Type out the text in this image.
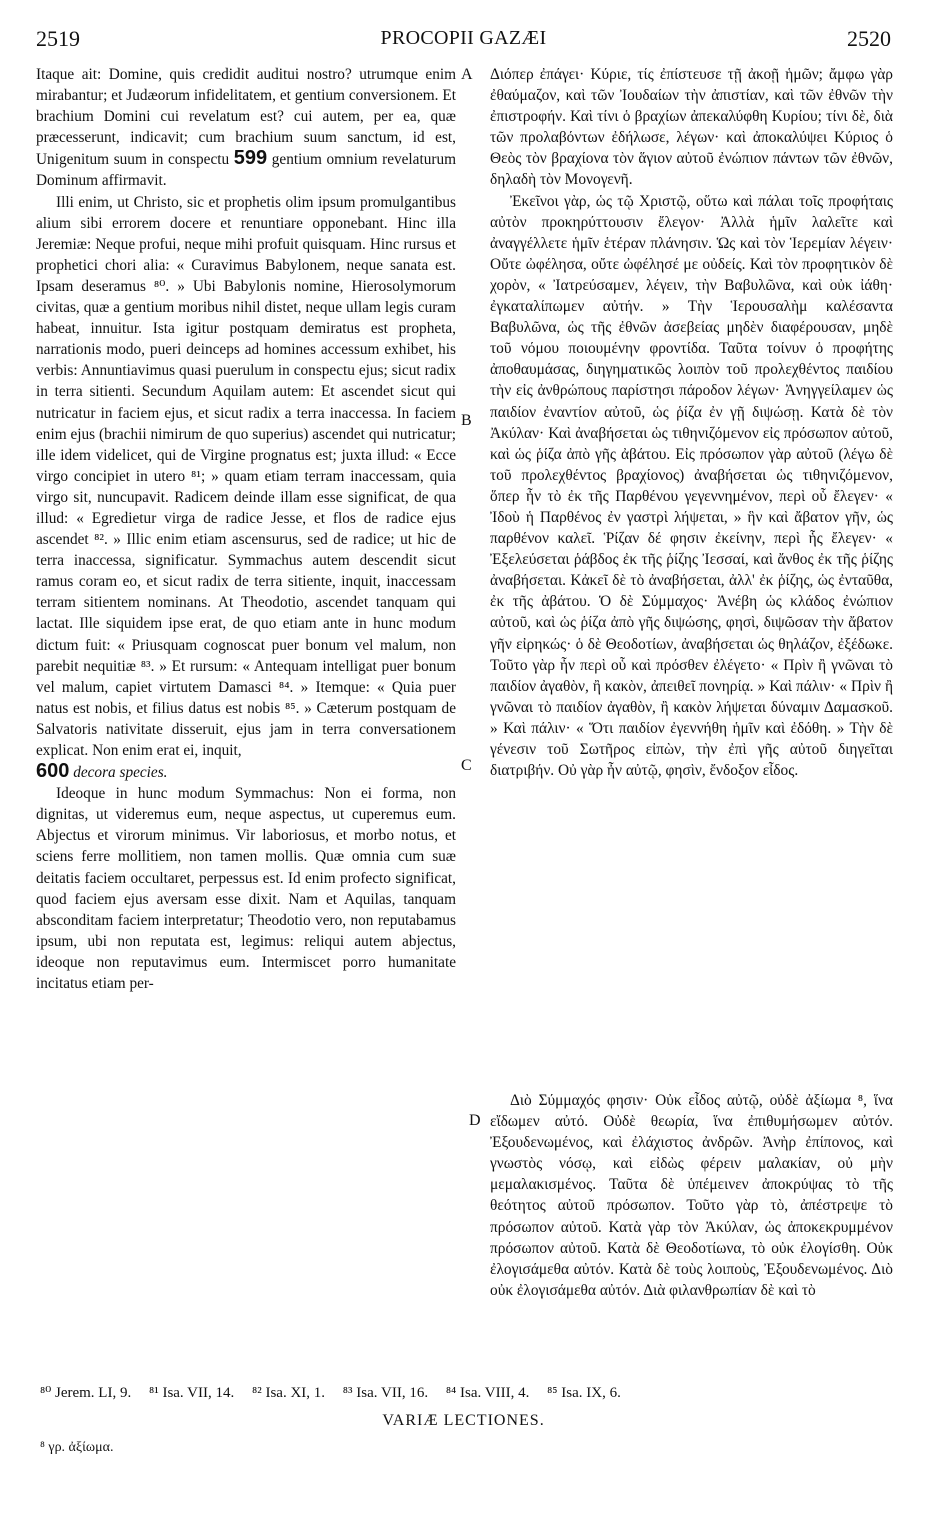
2519	PROCOPII GAZÆI	2520

Itaque ait: Domine, quis credidit auditui nostro? utrumque enim mirabantur; et Judæorum infidelitatem, et gentium conversionem. Et brachium Domini cui revelatum est? cui autem, per ea, quæ præcesserunt, indicavit; cum brachium suum sanctum, id est, Unigenitum suum in conspectu 599 gentium omnium revelaturum Dominum affirmavit.

Illi enim, ut Christo, sic et prophetis olim ipsum promulgantibus alium sibi errorem docere et renuntiare opponebant. Hinc illa Jeremiæ: Neque profui, neque mihi profuit quisquam. Hinc rursus et prophetici chori alia: « Curavimus Babylonem, neque sanata est. Ipsam deseramus ⁸⁰. » Ubi Babylonis nomine, Hierosolymorum civitas, quæ a gentium moribus nihil distet, neque ullam legis curam habeat, innuitur. Ista igitur postquam demiratus est propheta, narrationis modo, pueri deinceps ad homines accessum exhibet, his verbis: Annuntiavimus quasi puerulum in conspectu ejus; sicut radix in terra sitienti. Secundum Aquilam autem: Et ascendet sicut qui nutricatur in faciem ejus, et sicut radix a terra inaccessa. In faciem enim ejus (brachii nimirum de quo superius) ascendet qui nutricatur; ille idem videlicet, qui de Virgine prognatus est; juxta illud: « Ecce virgo concipiet in utero ⁸¹; » quam etiam terram inaccessam, quia virgo sit, nuncupavit. Radicem deinde illam esse significat, de qua illud: « Egredietur virga de radice Jesse, et flos de radice ejus ascendet ⁸². » Illic enim etiam ascensurus, sed de radice; ut hic de terra inaccessa, significatur. Symmachus autem descendit sicut ramus coram eo, et sicut radix de terra sitiente, inquit, inaccessam terram sitientem nominans. At Theodotio, ascendet tanquam qui lactat. Ille siquidem ipse erat, de quo etiam ante in hunc modum dictum fuit: « Priusquam cognoscat puer bonum vel malum, non parebit nequitiæ ⁸³. » Et rursum: « Antequam intelligat puer bonum vel malum, capiet virtutem Damasci ⁸⁴. » Itemque: « Quia puer natus est nobis, et filius datus est nobis ⁸⁵. » Cæterum postquam de Salvatoris nativitate disseruit, ejus jam in terra conversationem explicat. Non enim erat ei, inquit,
600 decora species.

Ideoque in hunc modum Symmachus: Non ei forma, non dignitas, ut videremus eum, neque aspectus, ut cuperemus eum. Abjectus et virorum minimus. Vir laboriosus, et morbo notus, et sciens ferre mollitiem, non tamen mollis. Quæ omnia cum suæ deitatis faciem occultaret, perpessus est. Id enim profecto significat, quod faciem ejus aversam esse dixit. Nam et Aquilas, tanquam absconditam faciem interpretatur; Theodotio vero, non reputabamus ipsum, ubi non reputata est, legimus: reliqui autem abjectus, ideoque non reputavimus eum. Intermiscet porro humanitate incitatus etiam per-

A
B
C
D

Διόπερ ἐπάγει· Κύριε, τίς ἐπίστευσε τῇ ἀκοῇ ἡμῶν; ἄμφω γὰρ ἐθαύμαζον, καὶ τῶν Ἰουδαίων τὴν ἀπιστίαν, καὶ τῶν ἐθνῶν τὴν ἐπιστροφήν. Καὶ τίνι ὁ βραχίων ἀπεκαλύφθη Κυρίου; τίνι δὲ, διὰ τῶν προλαβόντων ἐδήλωσε, λέγων· καὶ ἀποκαλύψει Κύριος ὁ Θεὸς τὸν βραχίονα τὸν ἅγιον αὐτοῦ ἐνώπιον πάντων τῶν ἐθνῶν, δηλαδὴ τὸν Μονογενῆ.

Ἐκεῖνοι γὰρ, ὡς τῷ Χριστῷ, οὕτω καὶ πάλαι τοῖς προφήταις αὐτὸν προκηρύττουσιν ἔλεγον· Ἀλλὰ ἡμῖν λαλεῖτε καὶ ἀναγγέλλετε ἡμῖν ἑτέραν πλάνησιν. Ὡς καὶ τὸν Ἱερεμίαν λέγειν· Οὔτε ὠφέλησα, οὔτε ὠφέλησέ με οὐδείς. Καὶ τὸν προφητικὸν δὲ χορὸν, « Ἰατρεύσαμεν, λέγειν, τὴν Βαβυλῶνα, καὶ οὐκ ἰάθη· ἐγκαταλίπωμεν αὐτήν. » Τὴν Ἱερουσαλὴμ καλέσαντα Βαβυλῶνα, ὡς τῆς ἐθνῶν ἀσεβείας μηδὲν διαφέρουσαν, μηδὲ τοῦ νόμου ποιουμένην φροντίδα. Ταῦτα τοίνυν ὁ προφήτης ἀποθαυμάσας, διηγηματικῶς λοιπὸν τοῦ προλεχθέντος παιδίου τὴν εἰς ἀνθρώπους παρίστησι πάροδον λέγων· Ἀνηγγείλαμεν ὡς παιδίον ἐναντίον αὐτοῦ, ὡς ῥίζα ἐν γῇ διψώσῃ. Κατὰ δὲ τὸν Ἀκύλαν· Καὶ ἀναβήσεται ὡς τιθηνιζόμενον εἰς πρόσωπον αὐτοῦ, καὶ ὡς ῥίζα ἀπὸ γῆς ἀβάτου. Εἰς πρόσωπον γὰρ αὐτοῦ (λέγω δὲ τοῦ προλεχθέντος βραχίονος) ἀναβήσεται ὡς τιθηνιζόμενον, ὅπερ ἦν τὸ ἐκ τῆς Παρθένου γεγεννημένον, περὶ οὗ ἔλεγεν· « Ἰδοὺ ἡ Παρθένος ἐν γαστρὶ λήψεται, » ἣν καὶ ἄβατον γῆν, ὡς παρθένον καλεῖ. Ῥίζαν δέ φησιν ἐκείνην, περὶ ἧς ἔλεγεν· « Ἐξελεύσεται ῥάβδος ἐκ τῆς ῥίζης Ἰεσσαί, καὶ ἄνθος ἐκ τῆς ῥίζης ἀναβήσεται. Κἀκεῖ δὲ τὸ ἀναβήσεται, ἀλλ' ἐκ ῥίζης, ὡς ἐνταῦθα, ἐκ τῆς ἀβάτου. Ὁ δὲ Σύμμαχος· Ἀνέβη ὡς κλάδος ἐνώπιον αὐτοῦ, καὶ ὡς ῥίζα ἀπὸ γῆς διψώσης, φησὶ, διψῶσαν τὴν ἄβατον γῆν εἰρηκώς· ὁ δὲ Θεοδοτίων, ἀναβήσεται ὡς θηλάζον, ἐξέδωκε. Τοῦτο γὰρ ἦν περὶ οὗ καὶ πρόσθεν ἐλέγετο· « Πρὶν ἢ γνῶναι τὸ παιδίον ἀγαθὸν, ἢ κακὸν, ἀπειθεῖ πονηρίᾳ. » Καὶ πάλιν· « Πρὶν ἢ γνῶναι τὸ παιδίον ἀγαθὸν, ἢ κακὸν λήψεται δύναμιν Δαμασκοῦ. » Καὶ πάλιν· « Ὅτι παιδίον ἐγεννήθη ἡμῖν καὶ ἐδόθη. » Τὴν δὲ γένεσιν τοῦ Σωτῆρος εἰπὼν, τὴν ἐπὶ γῆς αὐτοῦ διηγεῖται διατριβήν. Οὐ γὰρ ἦν αὐτῷ, φησὶν, ἔνδοξον εἶδος.

Διὸ Σύμμαχός φησιν· Οὐκ εἶδος αὐτῷ, οὐδὲ ἀξίωμα ⁸, ἵνα εἴδωμεν αὐτό. Οὐδὲ θεωρία, ἵνα ἐπιθυμήσωμεν αὐτόν. Ἐξουδενωμένος, καὶ ἐλάχιστος ἀνδρῶν. Ἀνὴρ ἐπίπονος, καὶ γνωστὸς νόσῳ, καὶ εἰδὼς φέρειν μαλακίαν, οὐ μὴν μεμαλακισμένος. Ταῦτα δὲ ὑπέμεινεν ἀποκρύψας τὸ τῆς θεότητος αὐτοῦ πρόσωπον. Τοῦτο γὰρ τὸ, ἀπέστρεψε τὸ πρόσωπον αὐτοῦ. Κατὰ γὰρ τὸν Ἀκύλαν, ὡς ἀποκεκρυμμένον πρόσωπον αὐτοῦ. Κατὰ δὲ Θεοδοτίωνα, τὸ οὐκ ἐλογίσθη. Οὐκ ἐλογισάμεθα αὐτόν. Κατὰ δὲ τοὺς λοιποὺς, Ἐξουδενωμένος. Διὸ οὐκ ἐλογισάμεθα αὐτόν. Διὰ φιλανθρωπίαν δὲ καὶ τὸ

⁸⁰ Jerem. LI, 9. ⁸¹ Isa. VII, 14. ⁸² Isa. XI, 1. ⁸³ Isa. VII, 16. ⁸⁴ Isa. VIII, 4. ⁸⁵ Isa. IX, 6.
VARIÆ LECTIONES.
⁸ γρ. ἀξίωμα.
